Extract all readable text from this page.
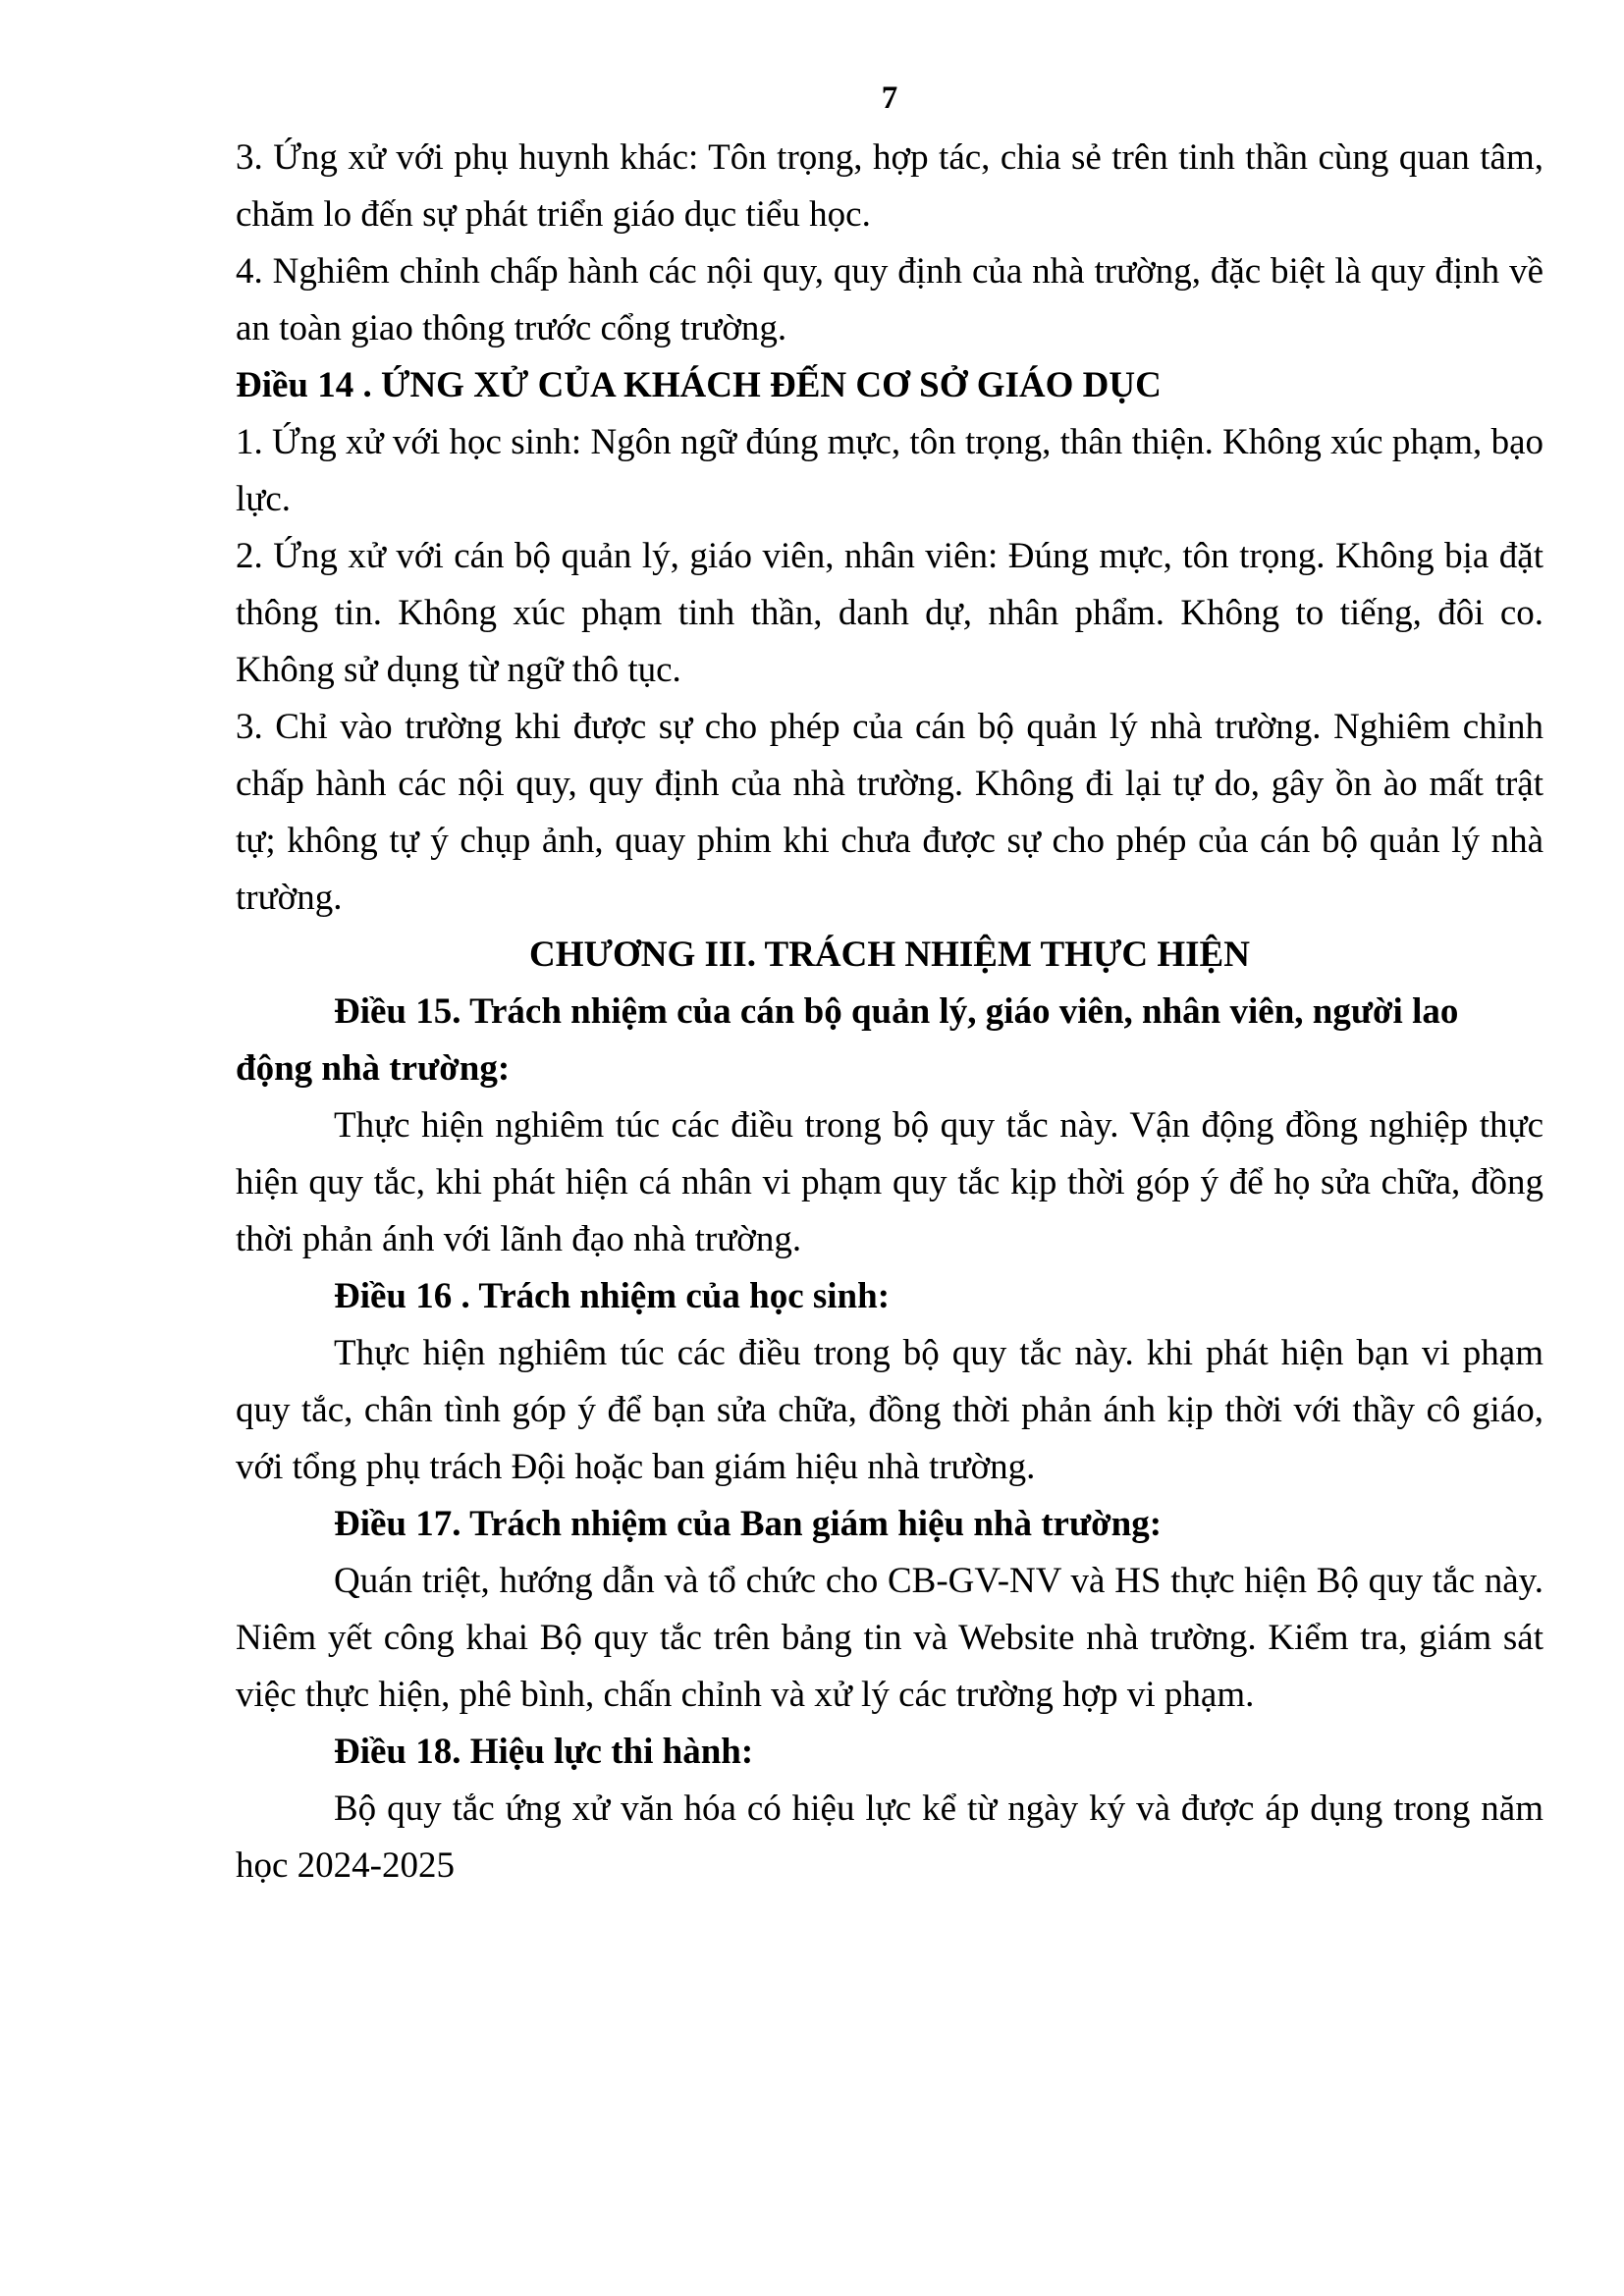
7

3. Ứng xử với phụ huynh khác: Tôn trọng, hợp tác, chia sẻ trên tinh thần cùng quan tâm, chăm lo đến sự phát triển giáo dục tiểu học.

4. Nghiêm chỉnh chấp hành các nội quy, quy định của nhà trường, đặc biệt là quy định về an toàn giao thông trước cổng trường.

Điều 14 . ỨNG XỬ CỦA KHÁCH ĐẾN CƠ SỞ GIÁO DỤC

1. Ứng xử với học sinh: Ngôn ngữ đúng mực, tôn trọng, thân thiện. Không xúc phạm, bạo lực.

2. Ứng xử với cán bộ quản lý, giáo viên, nhân viên: Đúng mực, tôn trọng. Không bịa đặt thông tin. Không xúc phạm tinh thần, danh dự, nhân phẩm. Không to tiếng, đôi co. Không sử dụng từ ngữ thô tục.

3. Chỉ vào trường khi được sự cho phép của cán bộ quản lý nhà trường. Nghiêm chỉnh chấp hành các nội quy, quy định của nhà trường. Không đi lại tự do, gây ồn ào mất trật tự; không tự ý chụp ảnh, quay phim khi chưa được sự cho phép của cán bộ quản lý nhà trường.

CHƯƠNG III. TRÁCH NHIỆM THỰC HIỆN

Điều 15. Trách nhiệm của cán bộ quản lý, giáo viên, nhân viên, người lao động nhà trường:

Thực hiện nghiêm túc các điều trong bộ quy tắc này. Vận động đồng nghiệp thực hiện quy tắc, khi phát hiện cá nhân vi phạm quy tắc kịp thời góp ý để họ sửa chữa, đồng thời phản ánh với lãnh đạo nhà trường.

Điều 16 . Trách nhiệm của học sinh:

Thực hiện nghiêm túc các điều trong bộ quy tắc này. khi phát hiện bạn vi phạm quy tắc, chân tình góp ý để bạn sửa chữa, đồng thời phản ánh kịp thời với thầy cô giáo, với tổng phụ trách Đội hoặc ban giám hiệu nhà trường.

Điều 17. Trách nhiệm của Ban giám hiệu nhà trường:

Quán triệt, hướng dẫn và tổ chức cho CB-GV-NV và HS thực hiện Bộ quy tắc này. Niêm yết công khai Bộ quy tắc trên bảng tin và Website nhà trường. Kiểm tra, giám sát việc thực hiện, phê bình, chấn chỉnh và xử lý các trường hợp vi phạm.

Điều 18. Hiệu lực thi hành:

Bộ quy tắc ứng xử văn hóa có hiệu lực kể từ ngày ký và được áp dụng trong năm học 2024-2025
